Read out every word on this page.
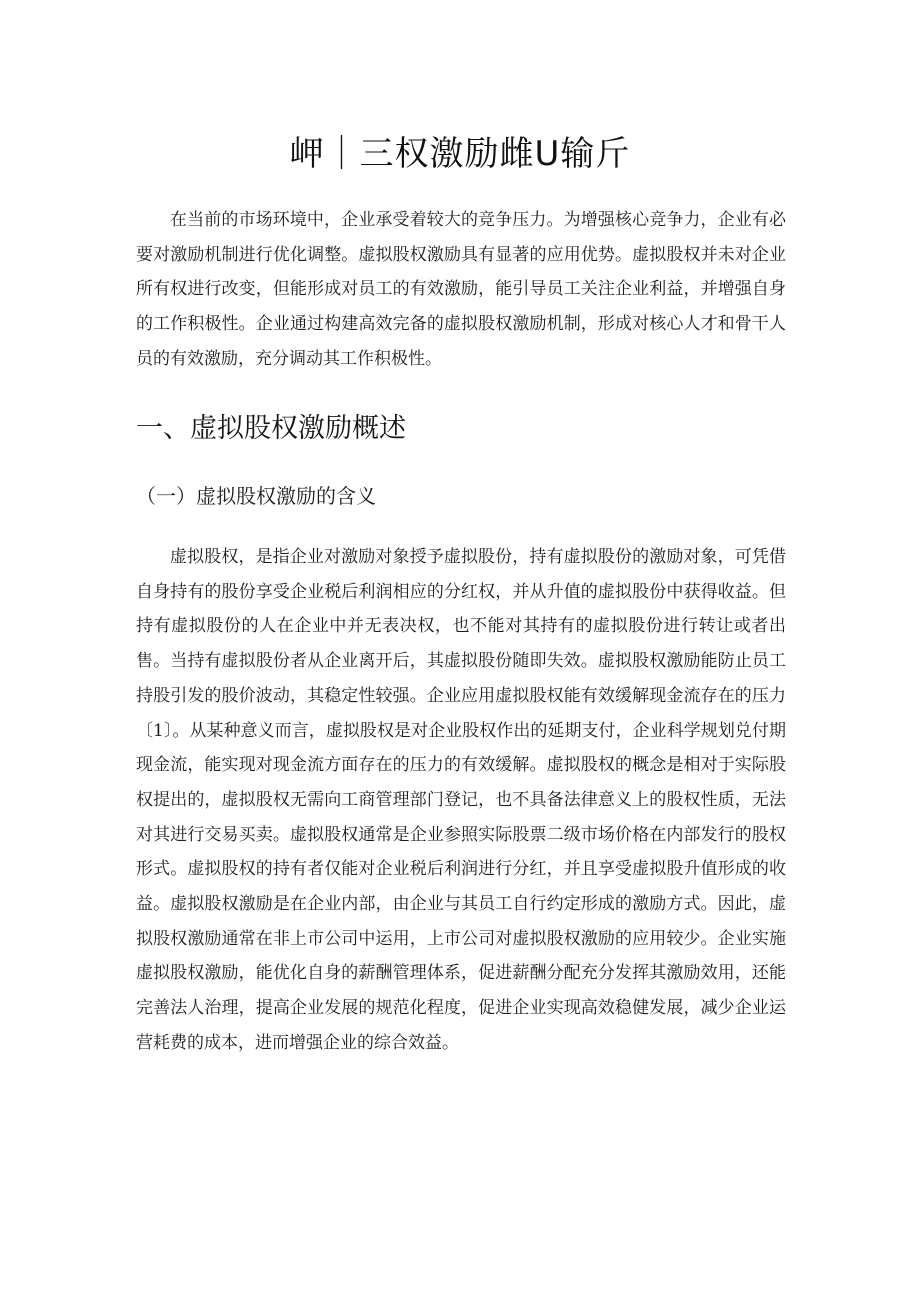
岬｜三权激励雌U输斤

在当前的市场环境中，企业承受着较大的竞争压力。为增强核心竞争力，企业有必要对激励机制进行优化调整。虚拟股权激励具有显著的应用优势。虚拟股权并未对企业所有权进行改变，但能形成对员工的有效激励，能引导员工关注企业利益，并增强自身的工作积极性。企业通过构建高效完备的虚拟股权激励机制，形成对核心人才和骨干人员的有效激励，充分调动其工作积极性。

一、虚拟股权激励概述
（一）虚拟股权激励的含义

虚拟股权，是指企业对激励对象授予虚拟股份，持有虚拟股份的激励对象，可凭借自身持有的股份享受企业税后利润相应的分红权，并从升值的虚拟股份中获得收益。但持有虚拟股份的人在企业中并无表决权，也不能对其持有的虚拟股份进行转让或者出售。当持有虚拟股份者从企业离开后，其虚拟股份随即失效。虚拟股权激励能防止员工持股引发的股价波动，其稳定性较强。企业应用虚拟股权能有效缓解现金流存在的压力〔1〕。从某种意义而言，虚拟股权是对企业股权作出的延期支付，企业科学规划兑付期现金流，能实现对现金流方面存在的压力的有效缓解。虚拟股权的概念是相对于实际股权提出的，虚拟股权无需向工商管理部门登记，也不具备法律意义上的股权性质，无法对其进行交易买卖。虚拟股权通常是企业参照实际股票二级市场价格在内部发行的股权形式。虚拟股权的持有者仅能对企业税后利润进行分红，并且享受虚拟股升值形成的收益。虚拟股权激励是在企业内部，由企业与其员工自行约定形成的激励方式。因此，虚拟股权激励通常在非上市公司中运用，上市公司对虚拟股权激励的应用较少。企业实施虚拟股权激励，能优化自身的薪酬管理体系，促进薪酬分配充分发挥其激励效用，还能完善法人治理，提高企业发展的规范化程度，促进企业实现高效稳健发展，减少企业运营耗费的成本，进而增强企业的综合效益。
